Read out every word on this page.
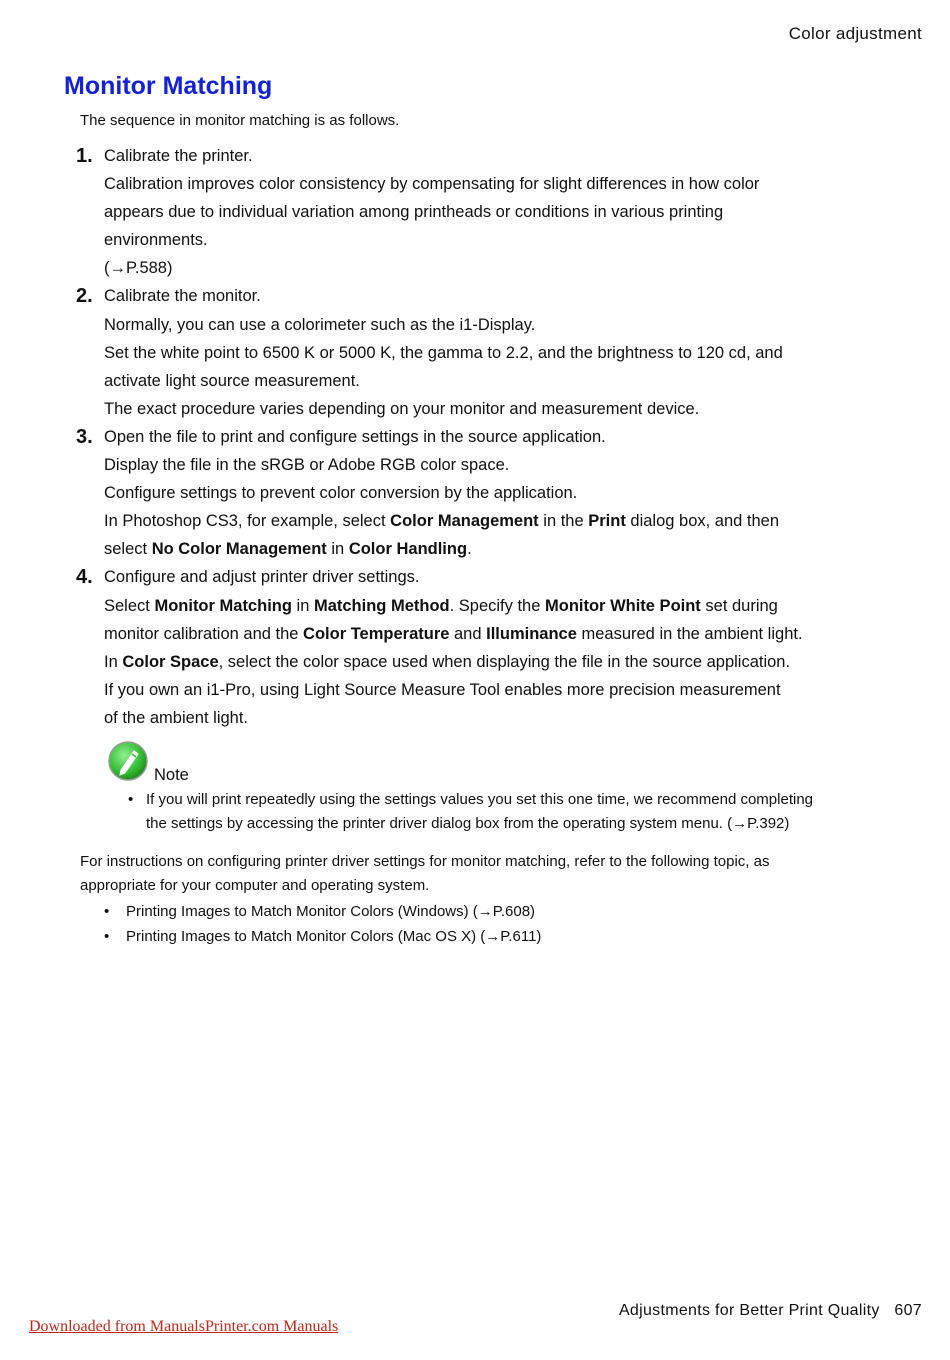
Color adjustment
Monitor Matching
The sequence in monitor matching is as follows.
1. Calibrate the printer.
Calibration improves color consistency by compensating for slight differences in how color
appears due to individual variation among printheads or conditions in various printing
environments.
(→P.588)
2. Calibrate the monitor.
Normally, you can use a colorimeter such as the i1-Display.
Set the white point to 6500 K or 5000 K, the gamma to 2.2, and the brightness to 120 cd, and
activate light source measurement.
The exact procedure varies depending on your monitor and measurement device.
3. Open the file to print and configure settings in the source application.
Display the file in the sRGB or Adobe RGB color space.
Configure settings to prevent color conversion by the application.
In Photoshop CS3, for example, select Color Management in the Print dialog box, and then
select No Color Management in Color Handling.
4. Configure and adjust printer driver settings.
Select Monitor Matching in Matching Method. Specify the Monitor White Point set during
monitor calibration and the Color Temperature and Illuminance measured in the ambient light.
In Color Space, select the color space used when displaying the file in the source application.
If you own an i1-Pro, using Light Source Measure Tool enables more precision measurement
of the ambient light.
Note
• If you will print repeatedly using the settings values you set this one time, we recommend completing
the settings by accessing the printer driver dialog box from the operating system menu. (→P.392)
For instructions on configuring printer driver settings for monitor matching, refer to the following topic, as
appropriate for your computer and operating system.
• Printing Images to Match Monitor Colors (Windows) (→P.608)
• Printing Images to Match Monitor Colors (Mac OS X) (→P.611)
Adjustments for Better Print Quality 607
Downloaded from ManualsPrinter.com Manuals
